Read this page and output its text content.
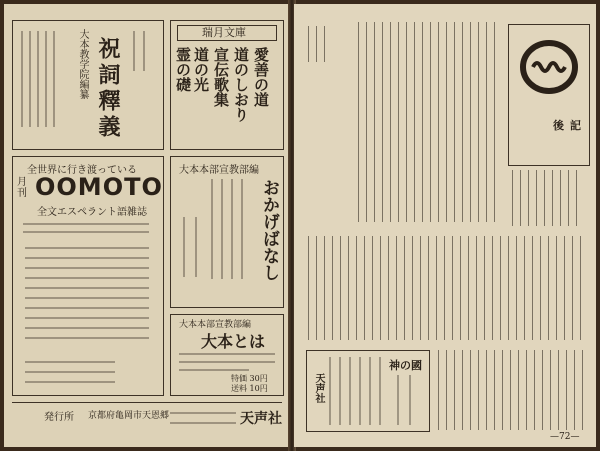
大本教学院編纂 祝詞釋義
瑞月文庫
愛善の道
道のしおり
宣伝歌集
道の光
霊の礎
全世界に行き渡っている
月刊 OOMOTO
全文エスペラント語雑誌
大本本部宣教部編
おかげばなし
大本本部宣教部編
大本とは
特価 30円
送料 10円
発行所 京都府亀岡市天恩郷	天声社
後記
天声社
神の國
—72—
